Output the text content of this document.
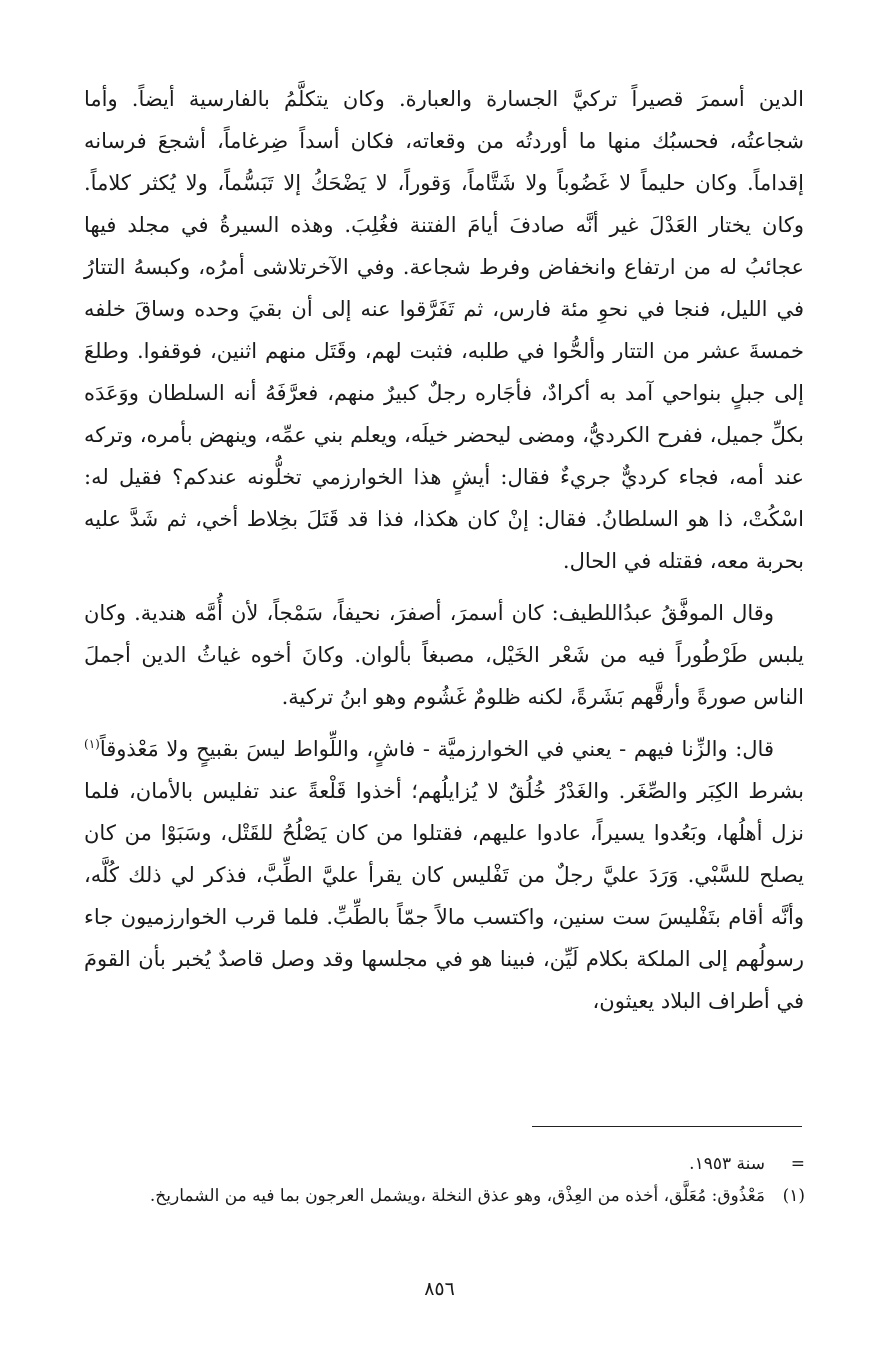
الدين أسمرَ قصيراً تركيَّ الجسارة والعبارة. وكان يتكلَّمُ بالفارسية أيضاً. وأما شجاعتُه، فحسبُك منها ما أوردتُه من وقعاته، فكان أسداً ضِرغاماً، أشجعَ فرسانه إقداماً. وكان حليماً لا غَضُوباً ولا شَتَّاماً، وَقوراً، لا يَضْحَكُ إلا تَبَسُّماً، ولا يُكثر كلاماً. وكان يختار العَدْلَ غير أنَّه صادفَ أيامَ الفتنة فغُلِبَ. وهذه السيرةُ في مجلد فيها عجائبُ له من ارتفاع وانخفاض وفرط شجاعة. وفي الآخرتلاشى أمرُه، وكبسهُ التتارُ في الليل، فنجا في نحوِ مئة فارس، ثم تَفَرَّقوا عنه إلى أن بقيَ وحده وساقَ خلفه خمسةَ عشر من التتار وألحُّوا في طلبه، فثبت لهم، وقَتَل منهم اثنين، فوقفوا. وطلعَ إلى جبلٍ بنواحي آمد به أكرادٌ، فأجَاره رجلٌ كبيرٌ منهم، فعرَّفَهُ أنه السلطان ووَعَدَه بكلِّ جميل، ففرح الكرديُّ، ومضى ليحضر خيلَه، ويعلم بني عمِّه، وينهض بأمره، وتركه عند أمه، فجاء كرديٌّ جريءٌ فقال: أيشٍ هذا الخوارزمي تخلُّونه عندكم؟ فقيل له: اسْكُتْ، ذا هو السلطانُ. فقال: إنْ كان هكذا، فذا قد قَتَلَ بخِلاط أخي، ثم شَدَّ عليه بحربة معه، فقتله في الحال.

وقال الموفَّقُ عبدُاللطيف: كان أسمرَ، أصفرَ، نحيفاً، سَمْجاً، لأن أُمَّه هندية. وكان يلبس طَرْطُوراً فيه من شَعْر الخَيْل، مصبغاً بألوان. وكانَ أخوه غياثُ الدين أجملَ الناس صورةً وأرقَّهم بَشَرةً، لكنه ظلومٌ غَشُوم وهو ابنُ تركية.

قال: والزِّنا فيهم - يعني في الخوارزميَّة - فاشٍ، واللِّواط ليسَ بقبيحٍ ولا مَعْذوقاً$^{(١)}$ بشرط الكِبَر والصِّغَر. والغَدْرُ خُلُقٌ لا يُزايلُهم؛ أخذوا قَلْعةً عند تفليس بالأمان، فلما نزل أهلُها، وبَعُدوا يسيراً، عادوا عليهم، فقتلوا من كان يَصْلُحُ للقَتْل، وسَبَوْا من كان يصلح للسَّبْي. وَرَدَ عليَّ رجلٌ من تَفْليس كان يقرأ عليَّ الطِّبَّ، فذكر لي ذلك كُلَّه، وأنَّه أقام بتَفْليسَ ست سنين، واكتسب مالاً جمّاً بالطِّبِّ. فلما قرب الخوارزميون جاء رسولُهم إلى الملكة بكلام لَيِّن، فبينا هو في مجلسها وقد وصل قاصدٌ يُخبر بأن القومَ في أطراف البلاد يعيثون،

=
سنة ١٩٥٣.
(١)
مَعْذُوق: مُعَلَّق، أخذه من العِذْق، وهو عذق النخلة ،ويشمل العرجون بما فيه من الشماريخ.
٨٥٦
